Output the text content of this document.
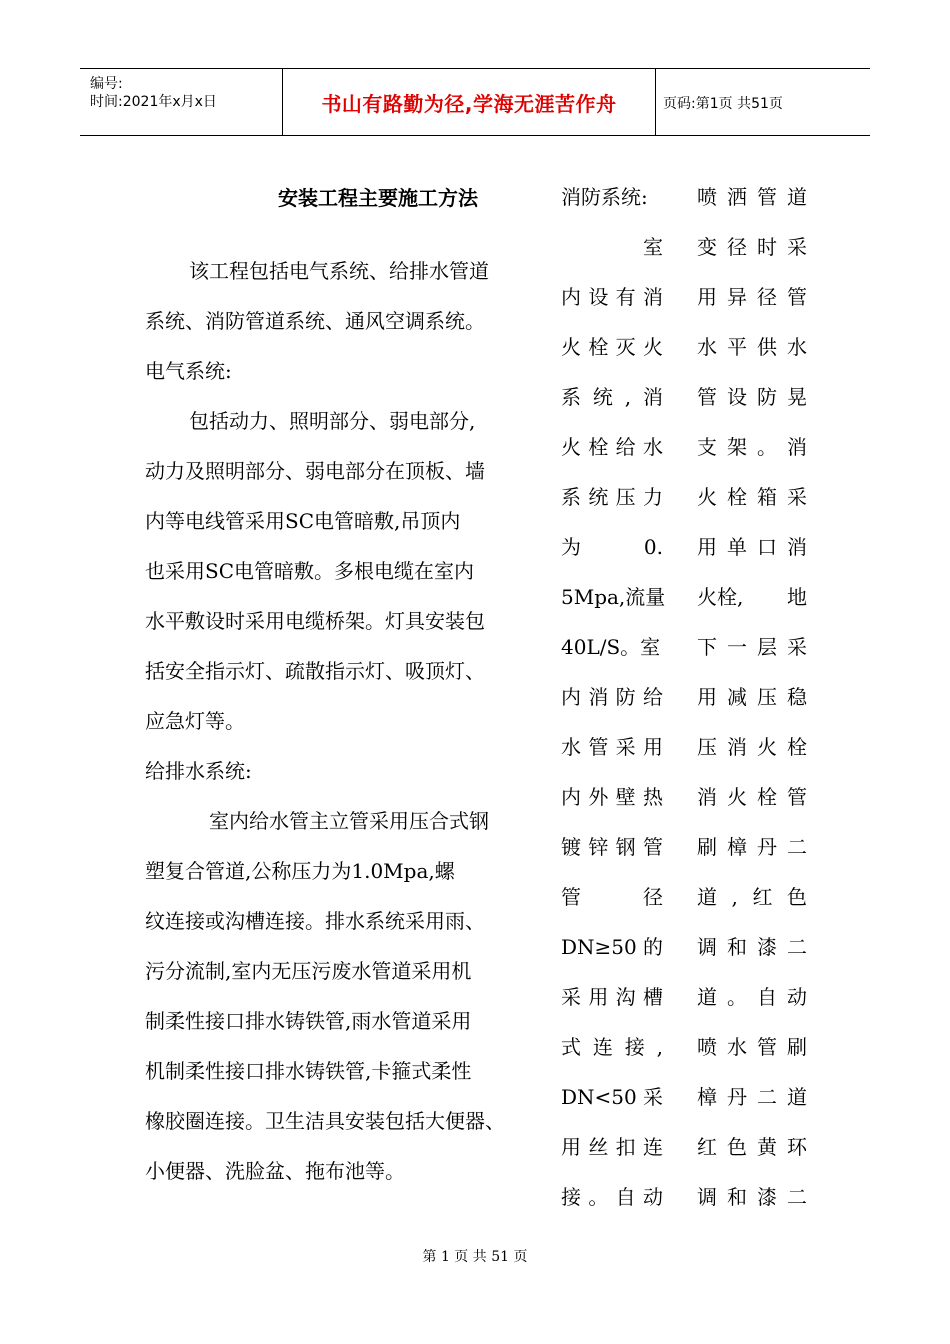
编号:
时间:2021年x月x日	书山有路勤为径,学海无涯苦作舟	页码:第1页 共51页
安装工程主要施工方法
该工程包括电气系统、给排水管道
系统、消防管道系统、通风空调系统。
电气系统:
包括动力、照明部分、弱电部分,
动力及照明部分、弱电部分在顶板、墙
内等电线管采用SC电管暗敷,吊顶内
也采用SC电管暗敷。多根电缆在室内
水平敷设时采用电缆桥架。灯具安装包
括安全指示灯、疏散指示灯、吸顶灯、
应急灯等。
给排水系统:
室内给水管主立管采用压合式钢
塑复合管道,公称压力为1.0Mpa,螺
纹连接或沟槽连接。排水系统采用雨、
污分流制,室内无压污废水管道采用机
制柔性接口排水铸铁管,雨水管道采用
机制柔性接口排水铸铁管,卡箍式柔性
橡胶圈连接。卫生洁具安装包括大便器、
小便器、洗脸盆、拖布池等。
消防系统:
室
内 设 有 消
火 栓 灭 火
系 统 , 消
火 栓 给 水
系 统 压 力
为	0.
5Mpa,流量
40L/S。室
内 消 防 给
水 管 采 用
内 外 壁 热
镀 锌 钢 管
管	径
DN≥50 的
采 用 沟 槽
式 连 接 ,
DN<50 采
用 丝 扣 连
接 。 自 动
喷 洒 管 道
变 径 时 采
用 异 径 管
水 平 供 水
管 设 防 晃
支 架 。 消
火 栓 箱 采
用 单 口 消
火栓, 地
下 一 层 采
用 减 压 稳
压 消 火 栓
消 火 栓 管
刷 樟 丹 二
道 , 红 色
调 和 漆 二
道 。 自 动
喷 水 管 刷
樟 丹 二 道
红 色 黄 环
调 和 漆 二
第 1 页 共 51 页
